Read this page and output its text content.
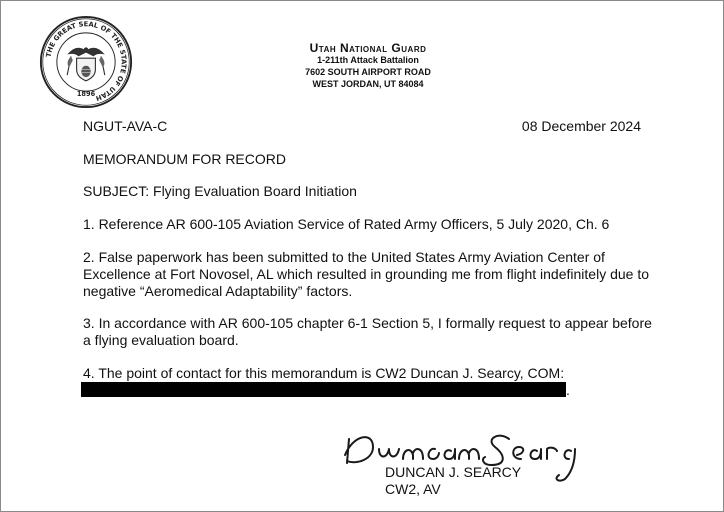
THE GREAT SEAL OF THE STATE OF UTAH
1896
Utah National Guard
1-211th Attack Battalion
7602 SOUTH AIRPORT ROAD
WEST JORDAN, UT 84084
NGUT-AVA-C	08 December 2024
MEMORANDUM FOR RECORD
SUBJECT: Flying Evaluation Board Initiation
1. Reference AR 600-105 Aviation Service of Rated Army Officers, 5 July 2020, Ch. 6
2. False paperwork has been submitted to the United States Army Aviation Center of Excellence at Fort Novosel, AL which resulted in grounding me from flight indefinitely due to negative “Aeromedical Adaptability” factors.
3. In accordance with AR 600-105 chapter 6-1 Section 5, I formally request to appear before a flying evaluation board.
4. The point of contact for this memorandum is CW2 Duncan J. Searcy, COM:
.
DUNCAN J. SEARCY
CW2, AV
